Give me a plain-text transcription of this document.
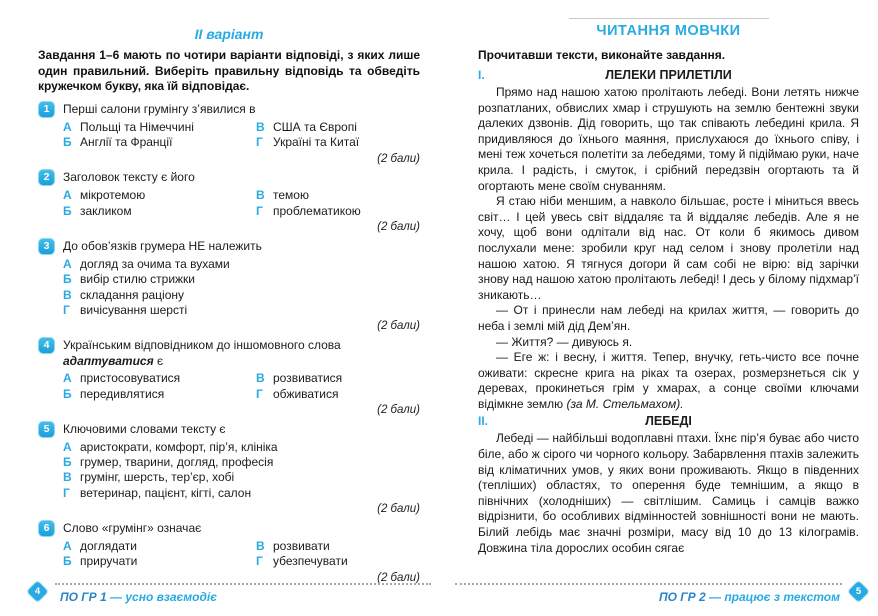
ІІ варіант
Завдання 1–6 мають по чотири варіанти відповіді, з яких лише один правильний. Виберіть правильну відповідь та обведіть кружечком букву, яка їй відповідає.
1	Перші салони грумінгу з’явилися в
А Польщі та Німеччині
Б Англії та Франції
В США та Європі
Г Україні та Китаї
(2 бали)
2	Заголовок тексту є його
А мікротемою
Б закликом
В темою
Г проблематикою
(2 бали)
3	До обов’язків грумера НЕ належить
А догляд за очима та вухами
Б вибір стилю стрижки
В складання раціону
Г вичісування шерсті
(2 бали)
4	Українським відповідником до іншомовного слова адаптуватися є
А пристосовуватися
Б передивлятися
В розвиватися
Г обживатися
(2 бали)
5	Ключовими словами тексту є
А аристократи, комфорт, пір’я, клініка
Б грумер, тварини, догляд, професія
В грумінг, шерсть, тер’єр, хобі
Г ветеринар, пацієнт, кігті, салон
(2 бали)
6	Слово «грумінг» означає
А доглядати
Б приручати
В розвивати
Г убезпечувати
(2 бали)
4	ПО ГР 1 — усно взаємодіє
ЧИТАННЯ МОВЧКИ
Прочитавши тексти, виконайте завдання.
I.	ЛЕЛЕКИ ПРИЛЕТІЛИ

Прямо над нашою хатою пролітають лебеді. Вони летять нижче розпатланих, обвислих хмар і струшують на землю бентежні звуки далеких дзвонів. Дід говорить, що так співають лебедині крила. Я придивляюся до їхнього маяння, прислухаюся до їхнього співу, і мені теж хочеться полетіти за лебедями, тому й підіймаю руки, наче крила. І радість, і смуток, і срібний передзвін огортають та й огортають мене своїм снуванням.

Я стаю ніби меншим, а навколо більшає, росте і міниться ввесь світ… І цей увесь світ віддаляє та й віддаляє лебедів. Але я не хочу, щоб вони одлітали від нас. От коли б якимось дивом послухали мене: зробили круг над селом і знову пролетіли над нашою хатою. Я тягнуся догори й сам собі не вірю: від зарічки знову над нашою хатою пролітають лебеді! І десь у білому підхмар’ї зникають…

— От і принесли нам лебеді на крилах життя, — говорить до неба і землі мій дід Дем’ян.

— Життя? — дивуюсь я.

— Еге ж: і весну, і життя. Тепер, внучку, геть-чисто все почне оживати: скресне крига на ріках та озерах, розмерзнеться сік у деревах, прокинеться грім у хмарах, а сонце своїми ключами відімкне землю (за М. Стельмахом).

II.	ЛЕБЕДІ

Лебеді — найбільші водоплавні птахи. Їхнє пір’я буває або чисто біле, або ж сірого чи чорного кольору. Забарвлення птахів залежить від кліматичних умов, у яких вони проживають. Якщо в південних (тепліших) областях, то оперення буде темнішим, а якщо в північних (холодніших) — світлішим. Самиць і самців важко відрізнити, бо особливих відмінностей зовнішності вони не мають. Білий лебідь має значні розміри, масу від 10 до 13 кілограмів. Довжина тіла дорослих особин сягає

ПО ГР 2 — працює з текстом	5
